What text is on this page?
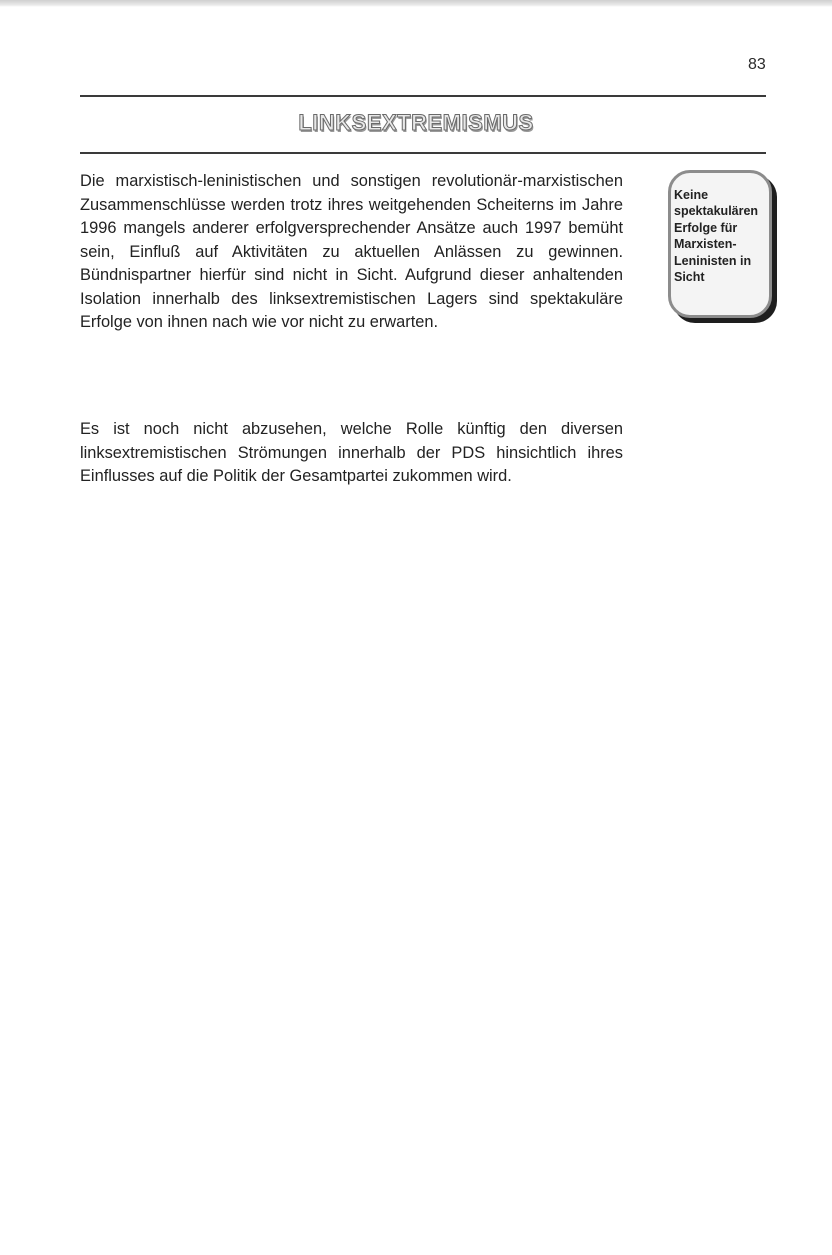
83
LINKSEXTREMISMUS

Die marxistisch-leninistischen und sonstigen revolutionär-marxistischen Zusammenschlüsse werden trotz ihres weitgehenden Scheiterns im Jahre 1996 mangels anderer erfolgversprechender Ansätze auch 1997 bemüht sein, Einfluß auf Aktivitäten zu aktuellen Anlässen zu gewinnen. Bündnispartner hierfür sind nicht in Sicht. Aufgrund dieser anhaltenden Isolation innerhalb des linksextremistischen Lagers sind spektakuläre Erfolge von ihnen nach wie vor nicht zu erwarten.

Keine spektakulären Erfolge für Marxisten-Leninisten in Sicht

Es ist noch nicht abzusehen, welche Rolle künftig den diversen linksextremistischen Strömungen innerhalb der PDS hinsichtlich ihres Einflusses auf die Politik der Gesamtpartei zukommen wird.
